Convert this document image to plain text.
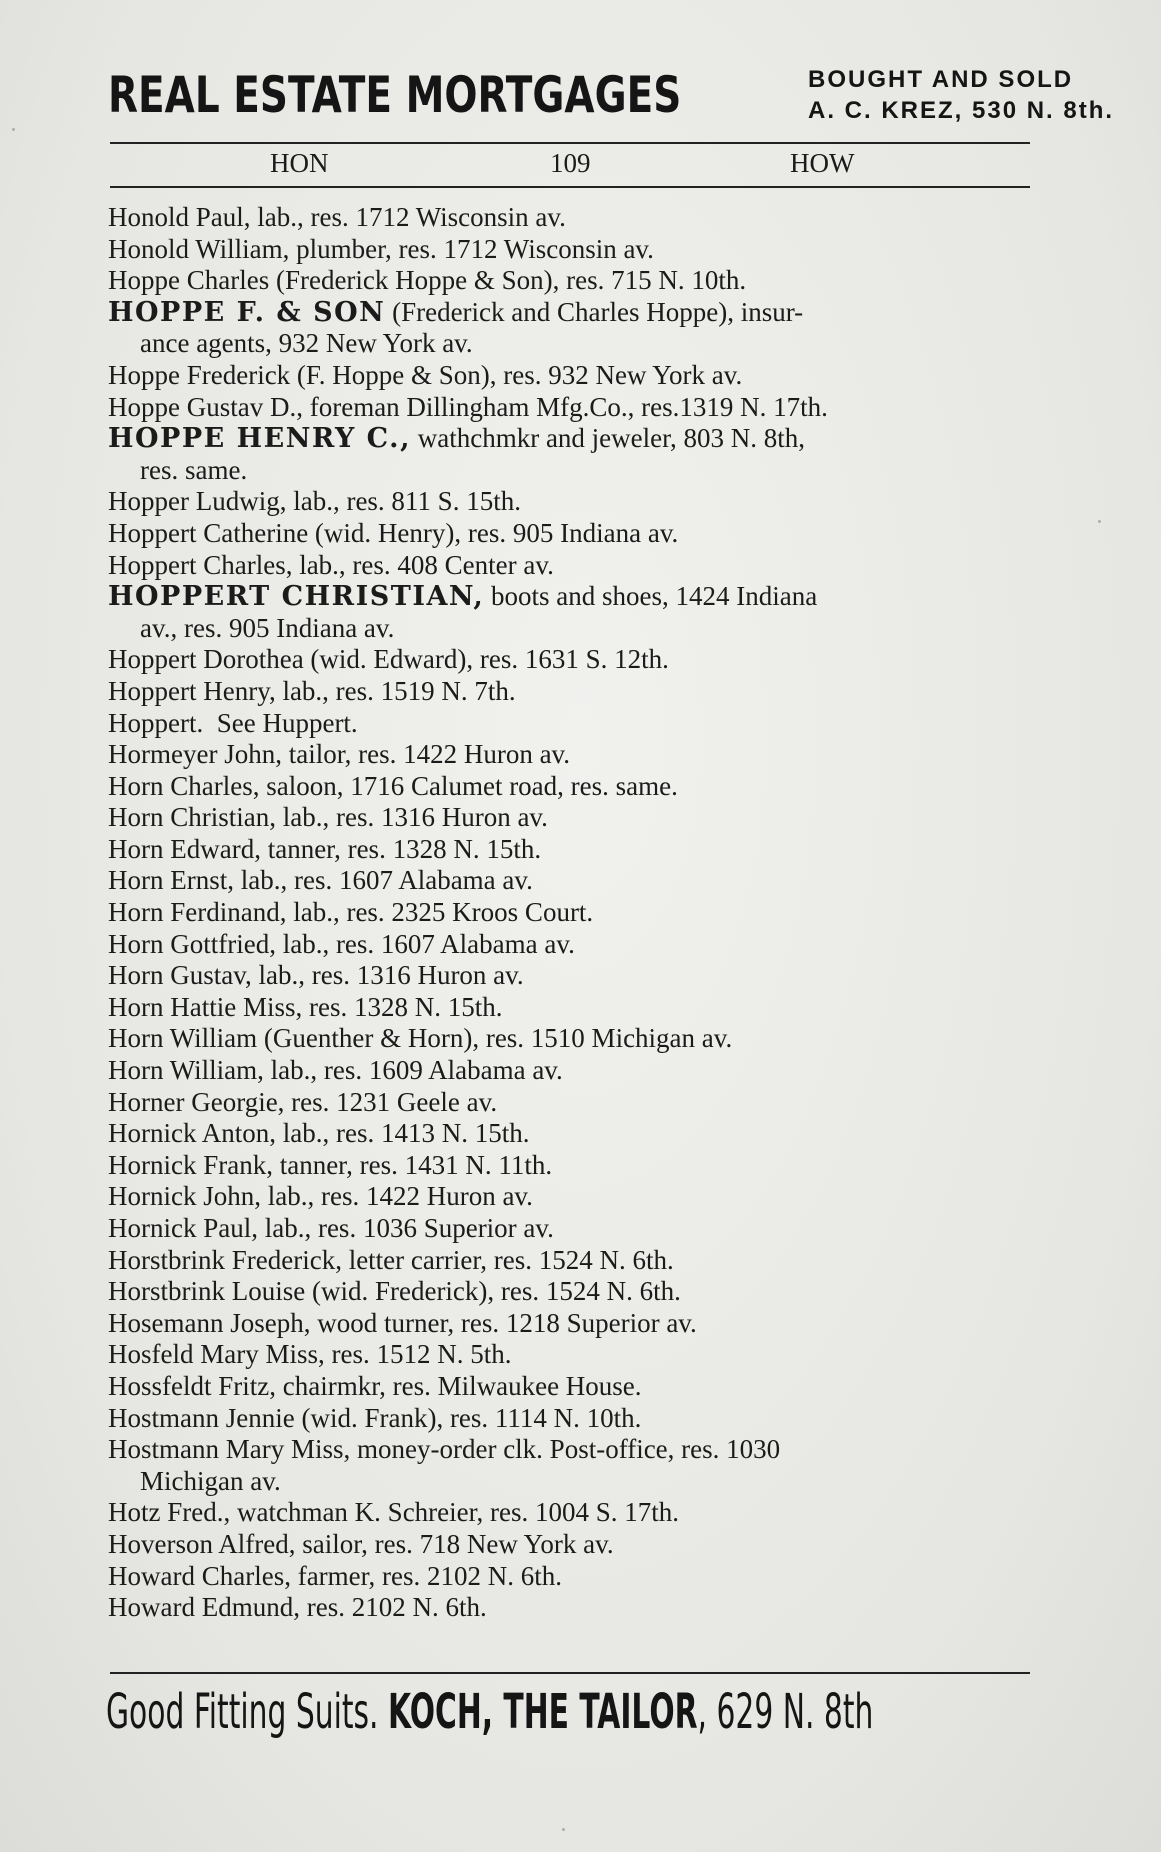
REAL ESTATE MORTGAGES	BOUGHT AND SOLD
A. C. KREZ, 530 N. 8th.
HON	109	HOW
Honold Paul, lab., res. 1712 Wisconsin av.
Honold William, plumber, res. 1712 Wisconsin av.
Hoppe Charles (Frederick Hoppe & Son), res. 715 N. 10th.
HOPPE F. & SON (Frederick and Charles Hoppe), insur-
ance agents, 932 New York av.
Hoppe Frederick (F. Hoppe & Son), res. 932 New York av.
Hoppe Gustav D., foreman Dillingham Mfg.Co., res.1319 N. 17th.
HOPPE HENRY C., wathchmkr and jeweler, 803 N. 8th,
res. same.
Hopper Ludwig, lab., res. 811 S. 15th.
Hoppert Catherine (wid. Henry), res. 905 Indiana av.
Hoppert Charles, lab., res. 408 Center av.
HOPPERT CHRISTIAN, boots and shoes, 1424 Indiana
av., res. 905 Indiana av.
Hoppert Dorothea (wid. Edward), res. 1631 S. 12th.
Hoppert Henry, lab., res. 1519 N. 7th.
Hoppert.  See Huppert.
Hormeyer John, tailor, res. 1422 Huron av.
Horn Charles, saloon, 1716 Calumet road, res. same.
Horn Christian, lab., res. 1316 Huron av.
Horn Edward, tanner, res. 1328 N. 15th.
Horn Ernst, lab., res. 1607 Alabama av.
Horn Ferdinand, lab., res. 2325 Kroos Court.
Horn Gottfried, lab., res. 1607 Alabama av.
Horn Gustav, lab., res. 1316 Huron av.
Horn Hattie Miss, res. 1328 N. 15th.
Horn William (Guenther & Horn), res. 1510 Michigan av.
Horn William, lab., res. 1609 Alabama av.
Horner Georgie, res. 1231 Geele av.
Hornick Anton, lab., res. 1413 N. 15th.
Hornick Frank, tanner, res. 1431 N. 11th.
Hornick John, lab., res. 1422 Huron av.
Hornick Paul, lab., res. 1036 Superior av.
Horstbrink Frederick, letter carrier, res. 1524 N. 6th.
Horstbrink Louise (wid. Frederick), res. 1524 N. 6th.
Hosemann Joseph, wood turner, res. 1218 Superior av.
Hosfeld Mary Miss, res. 1512 N. 5th.
Hossfeldt Fritz, chairmkr, res. Milwaukee House.
Hostmann Jennie (wid. Frank), res. 1114 N. 10th.
Hostmann Mary Miss, money-order clk. Post-office, res. 1030
Michigan av.
Hotz Fred., watchman K. Schreier, res. 1004 S. 17th.
Hoverson Alfred, sailor, res. 718 New York av.
Howard Charles, farmer, res. 2102 N. 6th.
Howard Edmund, res. 2102 N. 6th.
Good Fitting Suits. KOCH, THE TAILOR, 629 N. 8th
